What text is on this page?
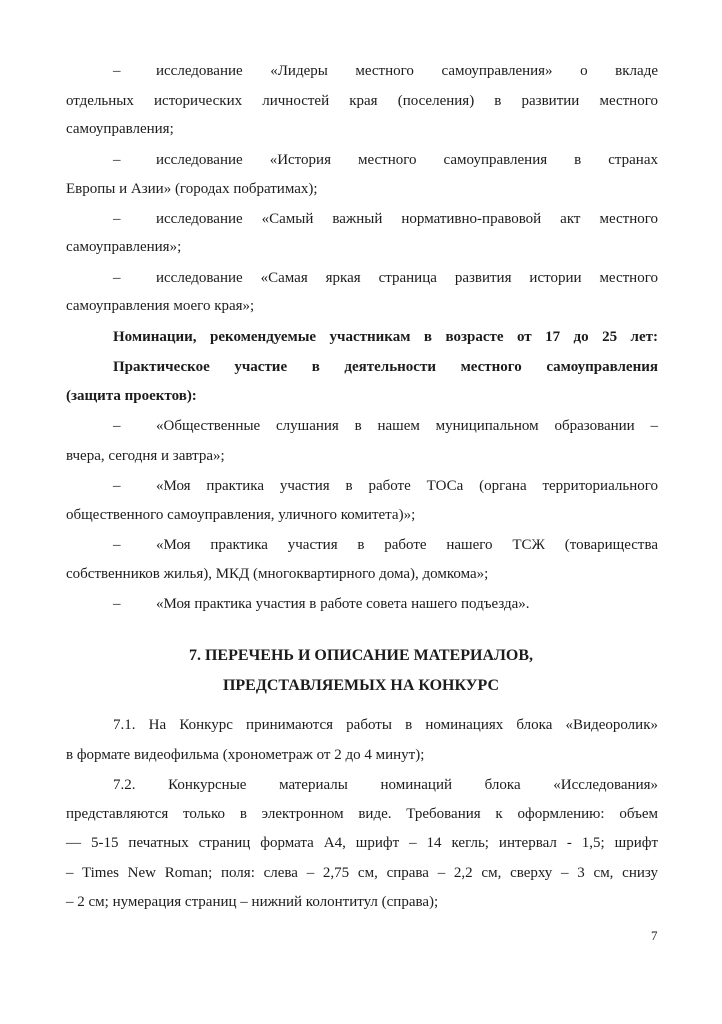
– исследование «Лидеры местного самоуправления» о вкладе
отдельных исторических личностей края (поселения) в развитии местного
самоуправления;
– исследование «История местного самоуправления в странах
Европы и Азии» (городах побратимах);
– исследование «Самый важный нормативно-правовой акт местного
самоуправления»;
– исследование «Самая яркая страница развития истории местного
самоуправления моего края»;
Номинации, рекомендуемые участникам в возрасте от 17 до 25 лет:
Практическое участие в деятельности местного самоуправления
(защита проектов):
– «Общественные слушания в нашем муниципальном образовании –
вчера, сегодня и завтра»;
– «Моя практика участия в работе ТОСа (органа территориального
общественного самоуправления, уличного комитета)»;
– «Моя практика участия в работе нашего ТСЖ (товарищества
собственников жилья), МКД (многоквартирного дома), домкома»;
– «Моя практика участия в работе совета нашего подъезда».
7. ПЕРЕЧЕНЬ И ОПИСАНИЕ МАТЕРИАЛОВ,
ПРЕДСТАВЛЯЕМЫХ НА КОНКУРС
7.1. На Конкурс принимаются работы в номинациях блока «Видеоролик»
в формате видеофильма (хронометраж от 2 до 4 минут);
7.2. Конкурсные материалы номинаций блока «Исследования»
представляются только в электронном виде. Требования к оформлению: объем
— 5-15 печатных страниц формата А4, шрифт – 14 кегль; интервал - 1,5; шрифт
– Times New Roman; поля: слева – 2,75 см, справа – 2,2 см, сверху – 3 см, снизу
– 2 см; нумерация страниц – нижний колонтитул (справа);
7
